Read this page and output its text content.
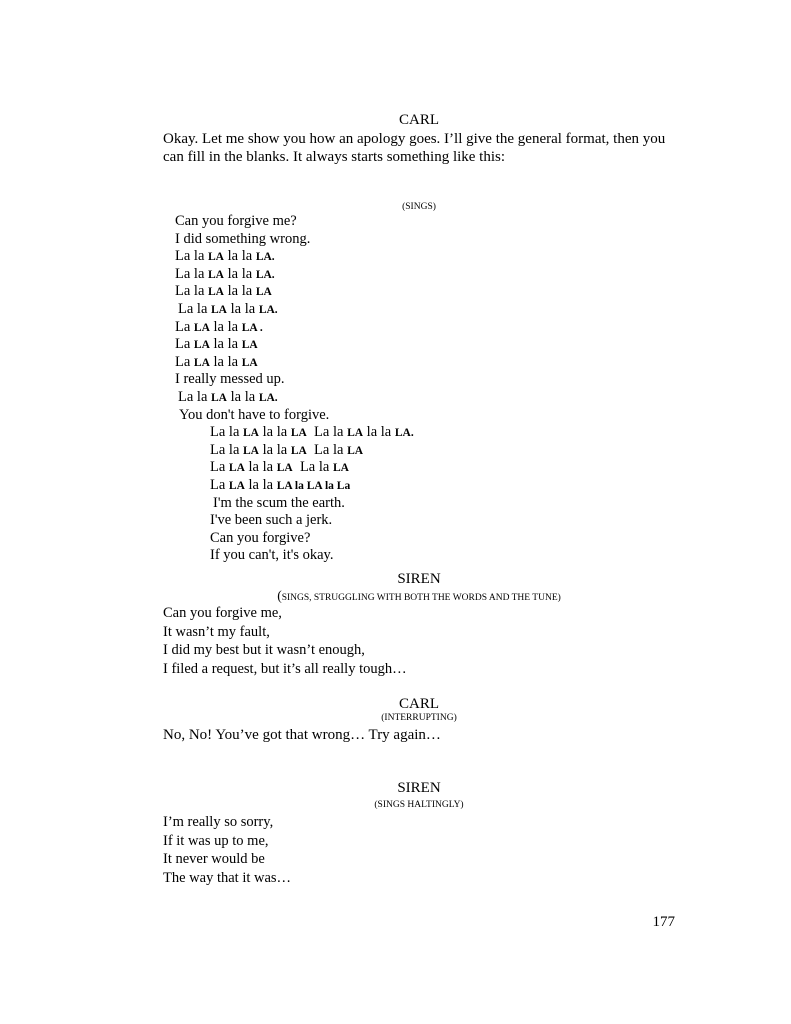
CARL
Okay. Let me show you how an apology goes. I’ll give the general format, then you can fill in the blanks. It always starts something like this:
(SINGS)
Can you forgive me?
I did something wrong.
La la LA la la LA.
La la LA la la LA.
La la LA la la LA
La la LA la la LA.
La LA la la LA .
La LA la la LA
La LA la la LA
I really messed up.
La la LA la la LA.
You don't have to forgive.
La la LA la la LA  La la LA la la LA.
La la LA la la LA  La la LA
La LA la la LA  La la LA
La LA la la LA la LA la La
I'm the scum the earth.
I've been such a jerk.
Can you forgive?
If you can't, it's okay.
SIREN
(SINGS, STRUGGLING WITH BOTH THE WORDS AND THE TUNE)
Can you forgive me,
It wasn’t my fault,
I did my best but it wasn’t enough,
I filed a request, but it’s all really tough…
CARL
(INTERRUPTING)
No, No! You’ve got that wrong… Try again…
SIREN
(SINGS HALTINGLY)
I’m really so sorry,
If it was up to me,
It never would be
The way that it was…
177
